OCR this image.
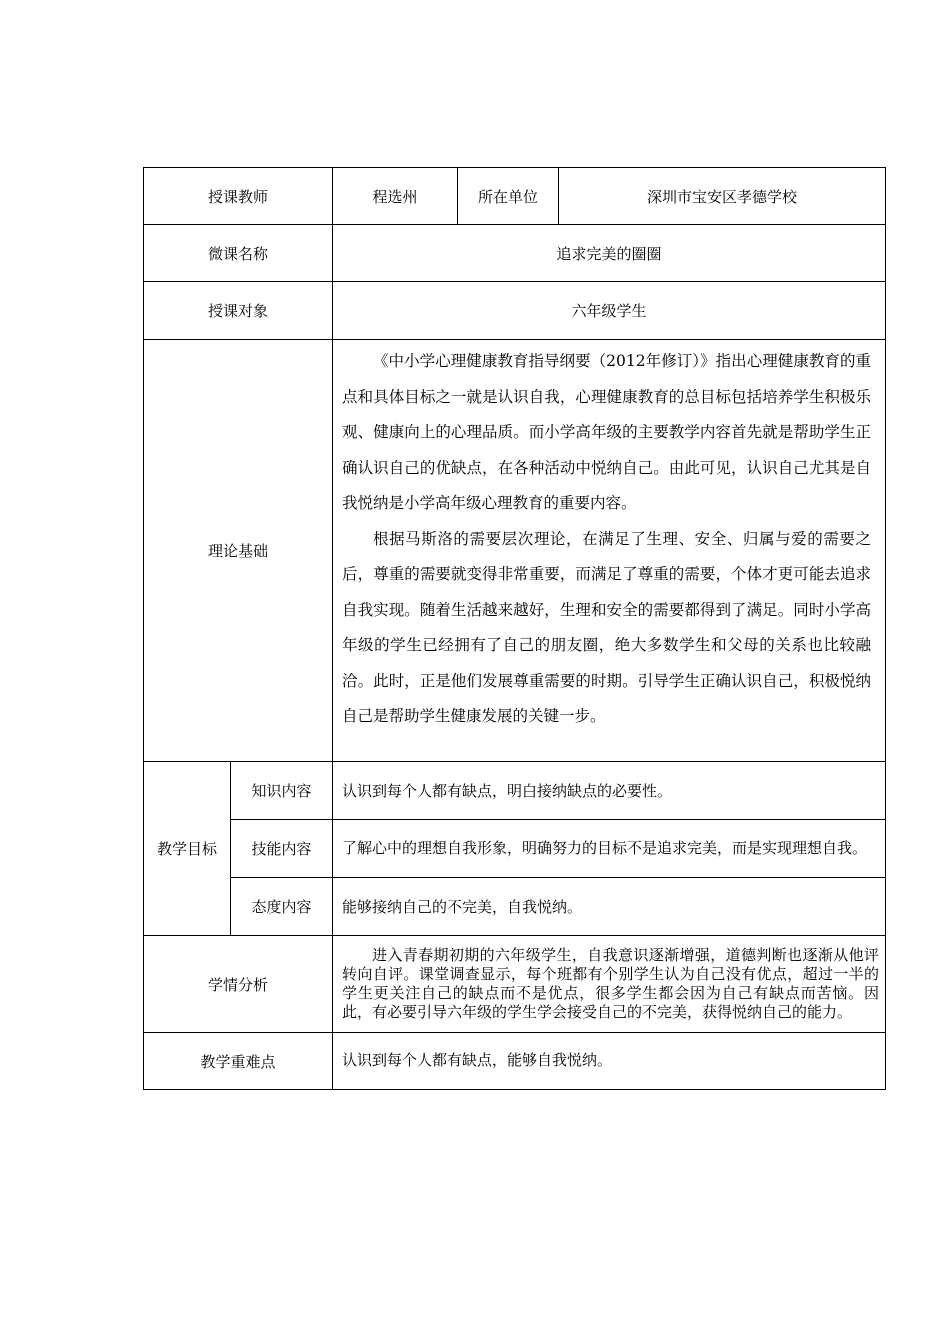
授课教师		程选州	所在单位	深圳市宝安区孝德学校
微课名称		追求完美的圈圈		
授课对象		六年级学生		
理论基础		《中小学心理健康教育指导纲要（2012年修订）》指出心理健康教育的重点和具体目标之一就是认识自我，心理健康教育的总目标包括培养学生积极乐观、健康向上的心理品质。而小学高年级的主要教学内容首先就是帮助学生正确认识自己的优缺点，在各种活动中悦纳自己。由此可见，认识自己尤其是自我悦纳是小学高年级心理教育的重要内容。

根据马斯洛的需要层次理论，在满足了生理、安全、归属与爱的需要之后，尊重的需要就变得非常重要，而满足了尊重的需要，个体才更可能去追求自我实现。随着生活越来越好，生理和安全的需要都得到了满足。同时小学高年级的学生已经拥有了自己的朋友圈，绝大多数学生和父母的关系也比较融洽。此时，正是他们发展尊重需要的时期。引导学生正确认识自己，积极悦纳自己是帮助学生健康发展的关键一步。		

教学目标	知识内容	认识到每个人都有缺点，明白接纳缺点的必要性。		
	技能内容	了解心中的理想自我形象，明确努力的目标不是追求完美，而是实现理想自我。		
	态度内容	能够接纳自己的不完美，自我悦纳。		
学情分析		进入青春期初期的六年级学生，自我意识逐渐增强，道德判断也逐渐从他评转向自评。课堂调查显示，每个班都有个别学生认为自己没有优点，超过一半的学生更关注自己的缺点而不是优点，很多学生都会因为自己有缺点而苦恼。因此，有必要引导六年级的学生学会接受自己的不完美，获得悦纳自己的能力。		

教学重难点		认识到每个人都有缺点，能够自我悦纳。		
